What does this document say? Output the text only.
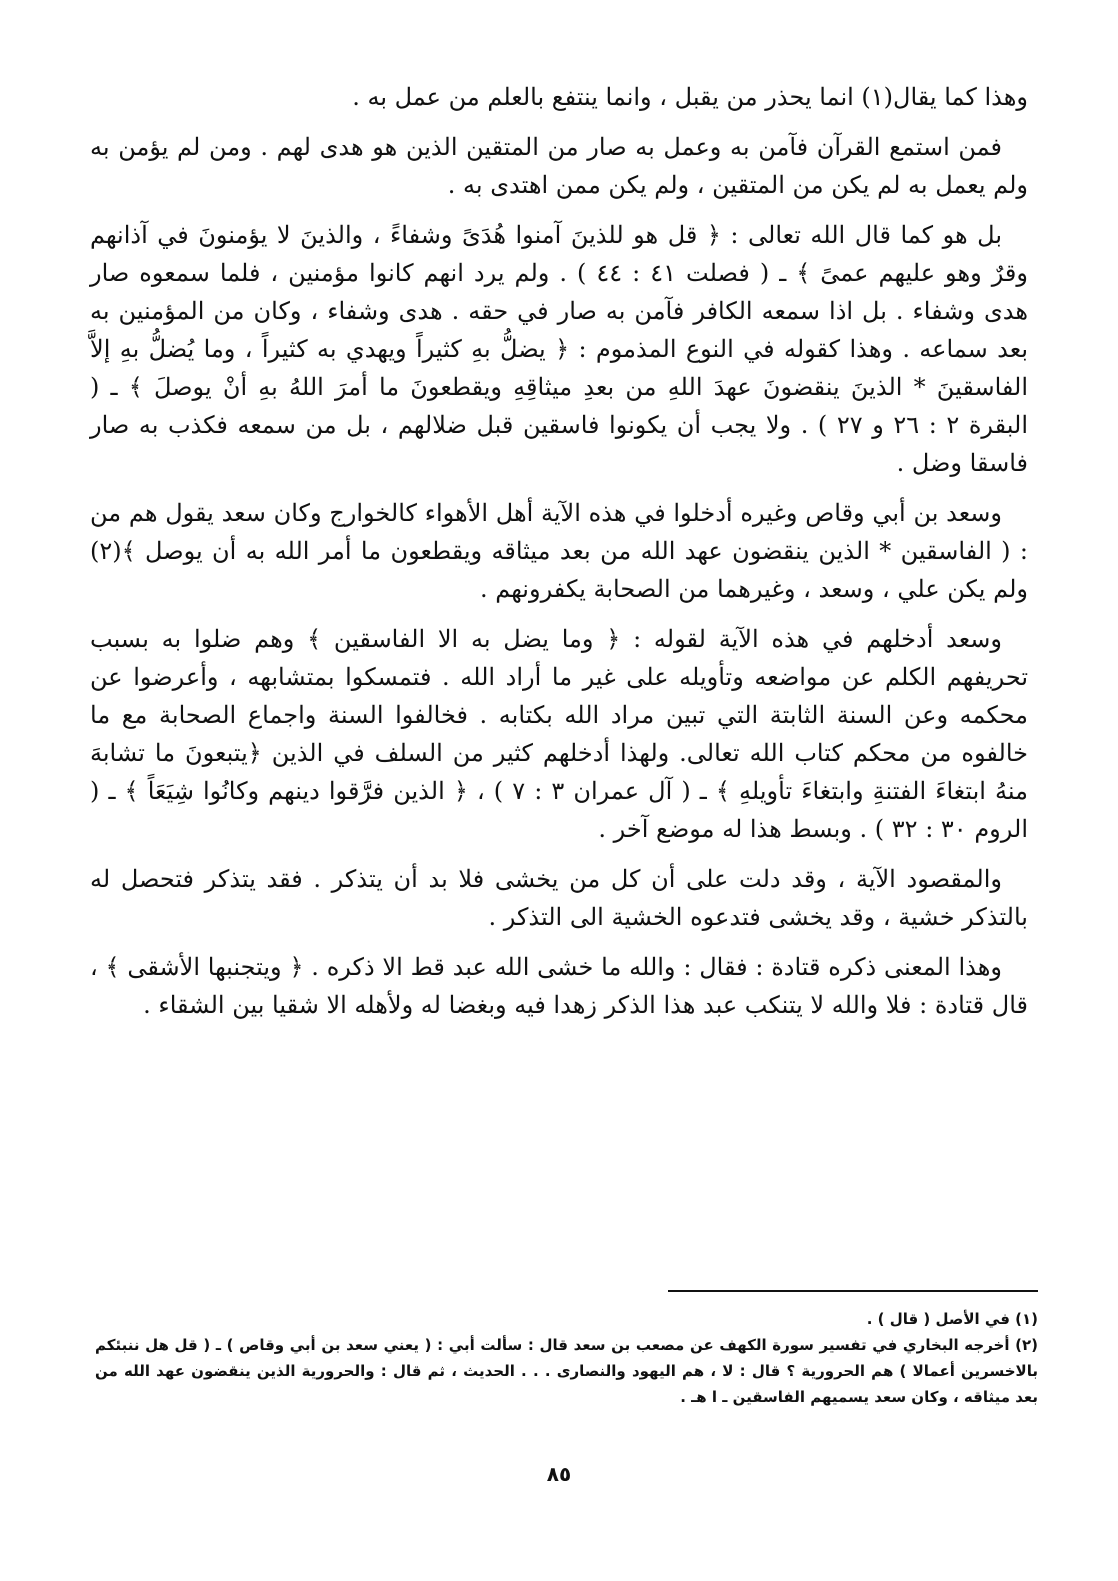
وهذا كما يقال(١) انما يحذر من يقبل ، وانما ينتفع بالعلم من عمل به .

فمن استمع القرآن فآمن به وعمل به صار من المتقين الذين هو هدى لهم . ومن لم يؤمن به ولم يعمل به لم يكن من المتقين ، ولم يكن ممن اهتدى به .

بل هو كما قال الله تعالى : ﴿ قل هو للذينَ آمنوا هُدَىً وشفاءً ، والذينَ لا يؤمنونَ في آذانهم وقرٌ وهو عليهم عمىً ﴾ ـ ( فصلت ٤١ : ٤٤ ) . ولم يرد انهم كانوا مؤمنين ، فلما سمعوه صار هدى وشفاء . بل اذا سمعه الكافر فآمن به صار في حقه . هدى وشفاء ، وكان من المؤمنين به بعد سماعه . وهذا كقوله في النوع المذموم : ﴿ يضلُّ بهِ كثيراً ويهدي به كثيراً ، وما يُضلُّ بهِ إلاَّ الفاسقينَ * الذينَ ينقضونَ عهدَ اللهِ من بعدِ ميثاقِهِ ويقطعونَ ما أمرَ اللهُ بهِ أنْ يوصلَ ﴾ ـ ( البقرة ٢ : ٢٦ و ٢٧ ) . ولا يجب أن يكونوا فاسقين قبل ضلالهم ، بل من سمعه فكذب به صار فاسقا وضل .

وسعد بن أبي وقاص وغيره أدخلوا في هذه الآية أهل الأهواء كالخوارج وكان سعد يقول هم من : ( الفاسقين * الذين ينقضون عهد الله من بعد ميثاقه ويقطعون ما أمر الله به أن يوصل ﴾(٢) ولم يكن علي ، وسعد ، وغيرهما من الصحابة يكفرونهم .

وسعد أدخلهم في هذه الآية لقوله : ﴿ وما يضل به الا الفاسقين ﴾ وهم ضلوا به بسبب تحريفهم الكلم عن مواضعه وتأويله على غير ما أراد الله . فتمسكوا بمتشابهه ، وأعرضوا عن محكمه وعن السنة الثابتة التي تبين مراد الله بكتابه . فخالفوا السنة واجماع الصحابة مع ما خالفوه من محكم كتاب الله تعالى. ولهذا أدخلهم كثير من السلف في الذين ﴿يتبعونَ ما تشابهَ منهُ ابتغاءَ الفتنةِ وابتغاءَ تأويلهِ ﴾ ـ ( آل عمران ٣ : ٧ ) ، ﴿ الذين فرَّقوا دينهم وكانُوا شِيَعَاً ﴾ ـ ( الروم ٣٠ : ٣٢ ) . وبسط هذا له موضع آخر .

والمقصود الآية ، وقد دلت على أن كل من يخشى فلا بد أن يتذكر . فقد يتذكر فتحصل له بالتذكر خشية ، وقد يخشى فتدعوه الخشية الى التذكر .

وهذا المعنى ذكره قتادة : فقال : والله ما خشى الله عبد قط الا ذكره . ﴿ ويتجنبها الأشقى ﴾ ، قال قتادة : فلا والله لا يتنكب عبد هذا الذكر زهدا فيه وبغضا له ولأهله الا شقيا بين الشقاء .

(١) في الأصل ( قال ) .

(٢) أخرجه البخاري في تفسير سورة الكهف عن مصعب بن سعد قال : سألت أبي : ( يعني سعد بن أبي وقاص ) ـ ( قل هل ننبئكم بالاخسرين أعمالا ) هم الحرورية ؟ قال : لا ، هم اليهود والنصارى . . . الحديث ، ثم قال : والحرورية الذين ينقضون عهد الله من بعد ميثاقه ، وكان سعد يسميهم الفاسقين ـ ا هـ .

٨٥
